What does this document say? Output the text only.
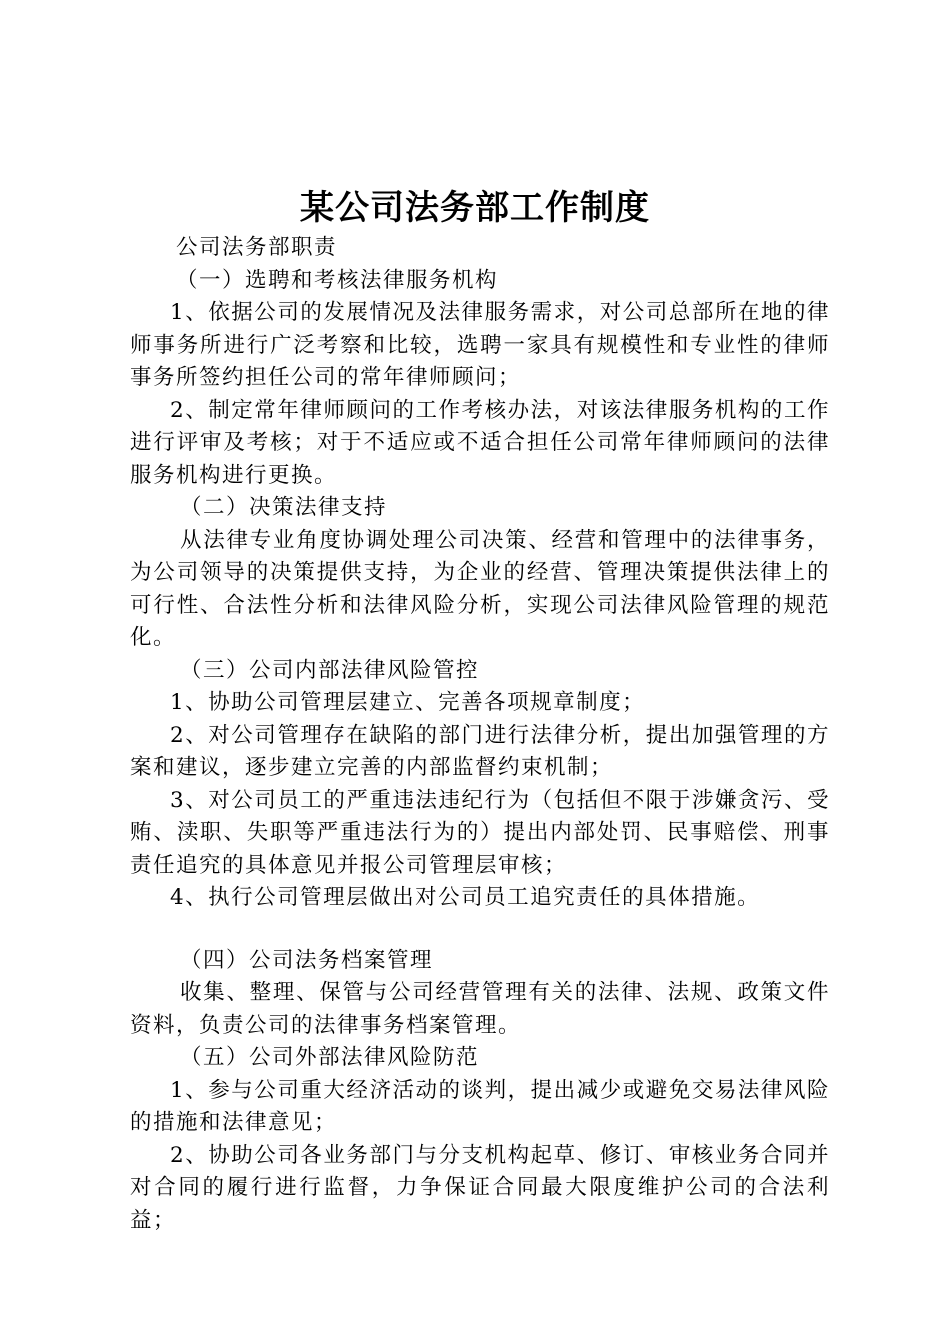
某公司法务部工作制度

公司法务部职责

（一）选聘和考核法律服务机构

1、依据公司的发展情况及法律服务需求，对公司总部所在地的律师事务所进行广泛考察和比较，选聘一家具有规模性和专业性的律师事务所签约担任公司的常年律师顾问；

2、制定常年律师顾问的工作考核办法，对该法律服务机构的工作进行评审及考核；对于不适应或不适合担任公司常年律师顾问的法律服务机构进行更换。

（二）决策法律支持

从法律专业角度协调处理公司决策、经营和管理中的法律事务，为公司领导的决策提供支持，为企业的经营、管理决策提供法律上的可行性、合法性分析和法律风险分析，实现公司法律风险管理的规范化。

（三）公司内部法律风险管控

1、协助公司管理层建立、完善各项规章制度；

2、对公司管理存在缺陷的部门进行法律分析，提出加强管理的方案和建议，逐步建立完善的内部监督约束机制；

3、对公司员工的严重违法违纪行为（包括但不限于涉嫌贪污、受贿、渎职、失职等严重违法行为的）提出内部处罚、民事赔偿、刑事责任追究的具体意见并报公司管理层审核；

4、执行公司管理层做出对公司员工追究责任的具体措施。

（四）公司法务档案管理

收集、整理、保管与公司经营管理有关的法律、法规、政策文件资料，负责公司的法律事务档案管理。

（五）公司外部法律风险防范

1、参与公司重大经济活动的谈判，提出减少或避免交易法律风险的措施和法律意见；

2、协助公司各业务部门与分支机构起草、修订、审核业务合同并对合同的履行进行监督，力争保证合同最大限度维护公司的合法利益；
